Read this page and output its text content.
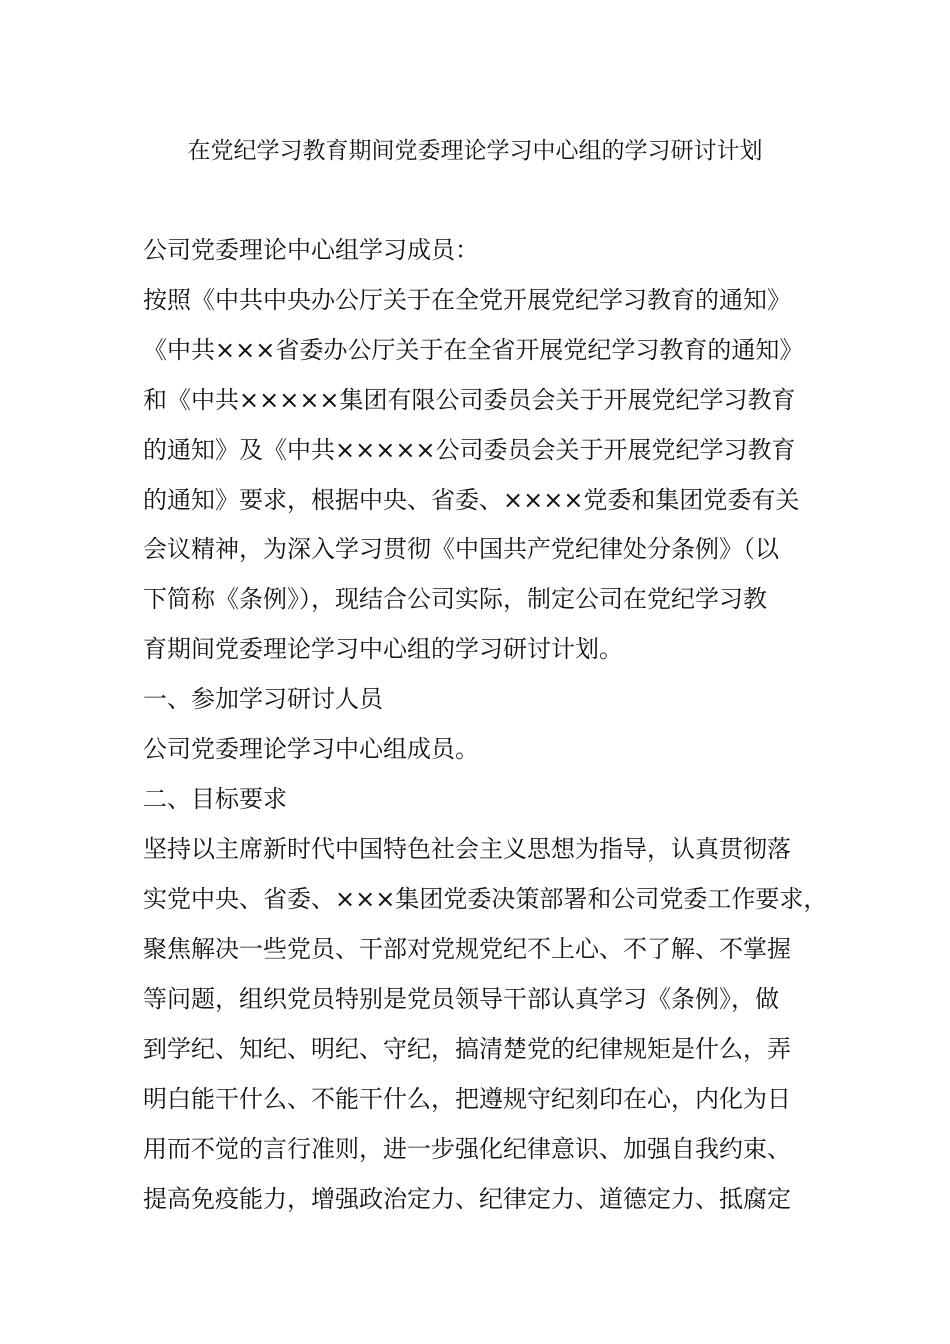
在党纪学习教育期间党委理论学习中心组的学习研讨计划
公司党委理论中心组学习成员：
按照《中共中央办公厅关于在全党开展党纪学习教育的通知》
《中共×××省委办公厅关于在全省开展党纪学习教育的通知》
和《中共×××××集团有限公司委员会关于开展党纪学习教育
的通知》及《中共×××××公司委员会关于开展党纪学习教育
的通知》要求，根据中央、省委、××××党委和集团党委有关
会议精神，为深入学习贯彻《中国共产党纪律处分条例》（以
下简称《条例》），现结合公司实际，制定公司在党纪学习教
育期间党委理论学习中心组的学习研讨计划。
一、参加学习研讨人员
公司党委理论学习中心组成员。
二、目标要求
坚持以主席新时代中国特色社会主义思想为指导，认真贯彻落
实党中央、省委、×××集团党委决策部署和公司党委工作要求，
聚焦解决一些党员、干部对党规党纪不上心、不了解、不掌握
等问题，组织党员特别是党员领导干部认真学习《条例》，做
到学纪、知纪、明纪、守纪，搞清楚党的纪律规矩是什么，弄
明白能干什么、不能干什么，把遵规守纪刻印在心，内化为日
用而不觉的言行准则，进一步强化纪律意识、加强自我约束、
提高免疫能力，增强政治定力、纪律定力、道德定力、抵腐定
